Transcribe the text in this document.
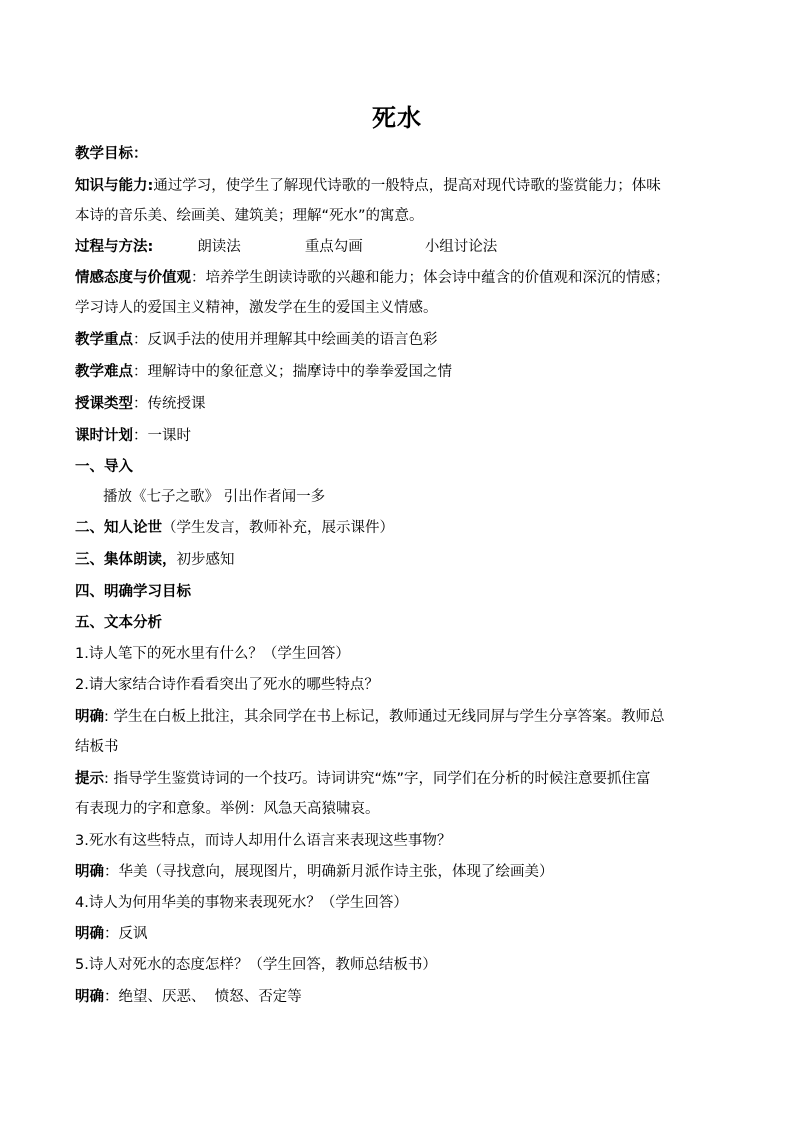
死水
教学目标：
知识与能力:通过学习，使学生了解现代诗歌的一般特点，提高对现代诗歌的鉴赏能力；体味
本诗的音乐美、绘画美、建筑美；理解“死水”的寓意。
过程与方法:	朗读法	重点勾画	小组讨论法
情感态度与价值观：培养学生朗读诗歌的兴趣和能力；体会诗中蕴含的价值观和深沉的情感；
学习诗人的爱国主义精神，激发学在生的爱国主义情感。
教学重点：反讽手法的使用并理解其中绘画美的语言色彩
教学难点：理解诗中的象征意义；揣摩诗中的拳拳爱国之情
授课类型：传统授课
课时计划：一课时
一、导入
播放《七子之歌》 引出作者闻一多
二、知人论世（学生发言，教师补充，展示课件）
三、集体朗读，初步感知
四、明确学习目标
五、文本分析
1.诗人笔下的死水里有什么？（学生回答）
2.请大家结合诗作看看突出了死水的哪些特点？
明确: 学生在白板上批注，其余同学在书上标记，教师通过无线同屏与学生分享答案。教师总
结板书
提示: 指导学生鉴赏诗词的一个技巧。诗词讲究“炼”字，同学们在分析的时候注意要抓住富
有表现力的字和意象。举例：风急天高猿啸哀。
3.死水有这些特点，而诗人却用什么语言来表现这些事物？
明确：华美（寻找意向，展现图片，明确新月派作诗主张，体现了绘画美）
4.诗人为何用华美的事物来表现死水？（学生回答）
明确：反讽
5.诗人对死水的态度怎样？（学生回答，教师总结板书）
明确：绝望、厌恶、  愤怒、否定等
